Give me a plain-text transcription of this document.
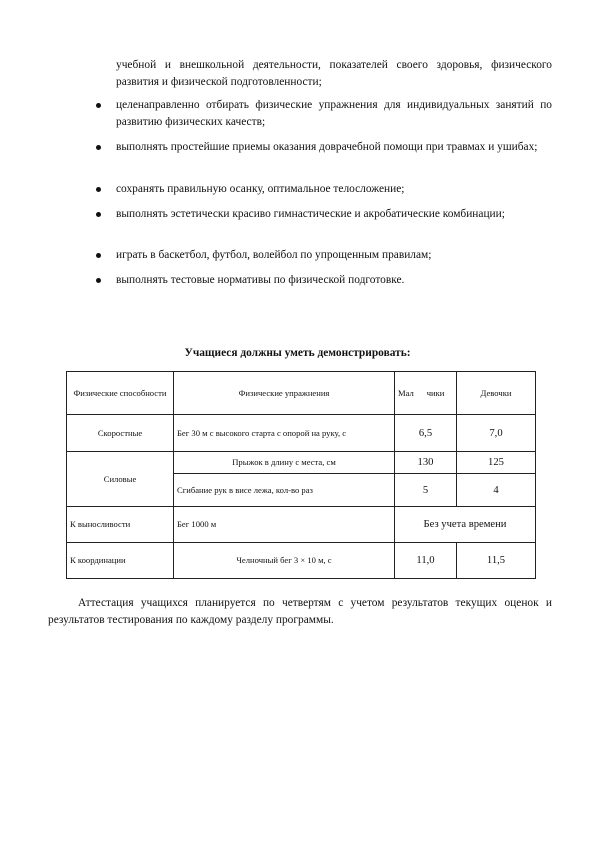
учебной и внешкольной деятельности, показателей своего здоровья, физического развития и физической подготовленности;
целенаправленно отбирать физические упражнения для индивидуальных занятий по развитию физических качеств;
выполнять простейшие приемы оказания доврачебной помощи при травмах и ушибах;
сохранять правильную осанку, оптимальное телосложение;
выполнять эстетически красиво гимнастические и акробатические комбинации;
играть в баскетбол, футбол, волейбол по упрощенным правилам;
выполнять тестовые нормативы по физической подготовке.
Учащиеся должны уметь демонстрировать:
Физические способности	Физические упражнения	Мал      чики	Девочки
Скоростные	Бег 30 м с высокого старта с опорой на руку, с	6,5	7,0
Силовые	Прыжок в длину с места, см	130	125
	Сгибание рук в висе лежа, кол-во раз	5	4
К выносливости	Бег 1000 м	Без учета времени	
К координации	Челночный бег 3 × 10 м, с	11,0	11,5
Аттестация учащихся планируется по четвертям с учетом результатов текущих оценок и результатов тестирования по каждому разделу программы.
